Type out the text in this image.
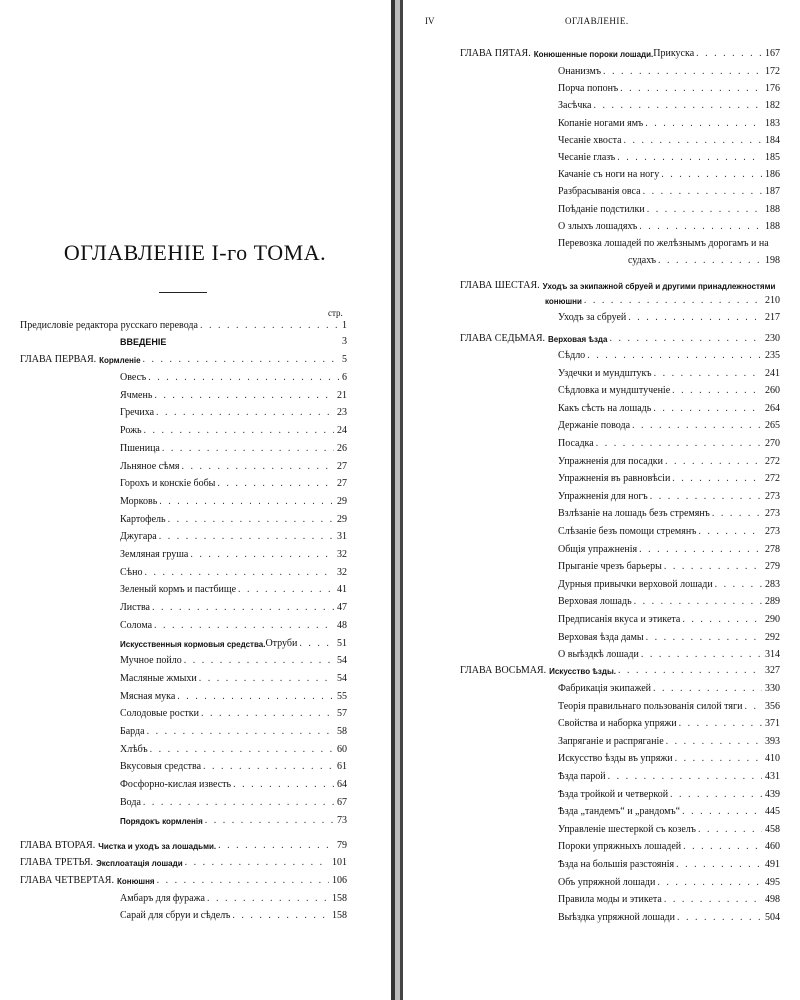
ОГЛАВЛЕНІЕ I-го ТОМА.
стр.
Предисловіе редактора русскаго перевода . . .	1
ВВЕДЕНІЕ	3
ГЛАВА ПЕРВАЯ. Кормленіе . . .	5
Овесъ . . .	6
Ячмень . . .	21
Гречиха . . .	23
Рожь . . .	24
Пшеница . . .	26
Льняное сѣмя . . .	27
Горохъ и конскіе бобы . . .	27
Морковь . . .	29
Картофель . . .	29
Джугара . . .	31
Земляная груша . . .	32
Сѣно . . .	32
Зеленый кормъ и пастбище . . .	41
Листва . . .	47
Солома . . .	48
Искусственныя кормовыя средства. Отруби . . .	51
Мучное пойло . . .	54
Масляные жмыхи . . .	54
Мясная мука . . .	55
Солодовые ростки . . .	57
Барда . . .	58
Хлѣбъ . . .	60
Вкусовыя средства . . .	61
Фосфорно-кислая известь . . .	64
Вода . . .	67
Порядокъ кормленія . . .	73
ГЛАВА ВТОРАЯ. Чистка и уходъ за лошадьми. . . .	79
ГЛАВА ТРЕТЬЯ. Эксплоатація лошади . . .	101
ГЛАВА ЧЕТВЕРТАЯ. Конюшня . . .	106
Амбаръ для фуража . . .	158
Сарай для сбруи и сѣделъ . . .	158
IV	ОГЛАВЛЕНІЕ.
ГЛАВА ПЯТАЯ. Конюшенные пороки лошади. Прикуска . . .	167
Онанизмъ . . .	172
Порча попонъ . . .	176
Засѣчка . . .	182
Копаніе ногами ямъ . . .	183
Чесаніе хвоста . . .	184
Чесаніе глазъ . . .	185
Качаніе съ ноги на ногу . . .	186
Разбрасыванія овса . . .	187
Поѣданіе подстилки . . .	188
О злыхъ лошадяхъ . . .	188
Перевозка лошадей по желѣзнымъ дорогамъ и на
судахъ . . .	198
ГЛАВА ШЕСТАЯ. Уходъ за экипажной сбруей и другими принадлежностями
конюшни . . .	210
Уходъ за сбруей . . .	217
ГЛАВА СЕДЬМАЯ. Верховая ѣзда . . .	230
Сѣдло . . .	235
Уздечки и мундштукъ . . .	241
Сѣдловка и мундштученіе . . .	260
Какъ сѣсть на лошадь . . .	264
Держаніе повода . . .	265
Посадка . . .	270
Упражненія для посадки . . .	272
Упражненія въ равновѣсіи . . .	272
Упражненія для ногъ . . .	273
Взлѣзаніе на лошадь безъ стремянъ . . .	273
Слѣзаніе безъ помощи стремянъ . . .	273
Общія упражненія . . .	278
Прыганіе чрезъ барьеры . . .	279
Дурныя привычки верховой лошади . . .	283
Верховая лошадь . . .	289
Предписанія вкуса и этикета . . .	290
Верховая ѣзда дамы . . .	292
О выѣздкѣ лошади . . .	314
ГЛАВА ВОСЬМАЯ. Искусство ѣзды. . . .	327
Фабрикація экипажей . . .	330
Теорія правильнаго пользованія силой тяги . . .	356
Свойства и наборка упряжи . . .	371
Запряганіе и распряганіе . . .	393
Искусство ѣзды въ упряжи . . .	410
Ѣзда парой . . .	431
Ѣзда тройкой и четверкой . . .	439
Ѣзда „тандемъ“ и „рандомъ“ . . .	445
Управленіе шестеркой съ козелъ . . .	458
Пороки упряжныхъ лошадей . . .	460
Ѣзда на большія разстоянія . . .	491
Объ упряжной лошади . . .	495
Правила моды и этикета . . .	498
Выѣздка упряжной лошади . . .	504
